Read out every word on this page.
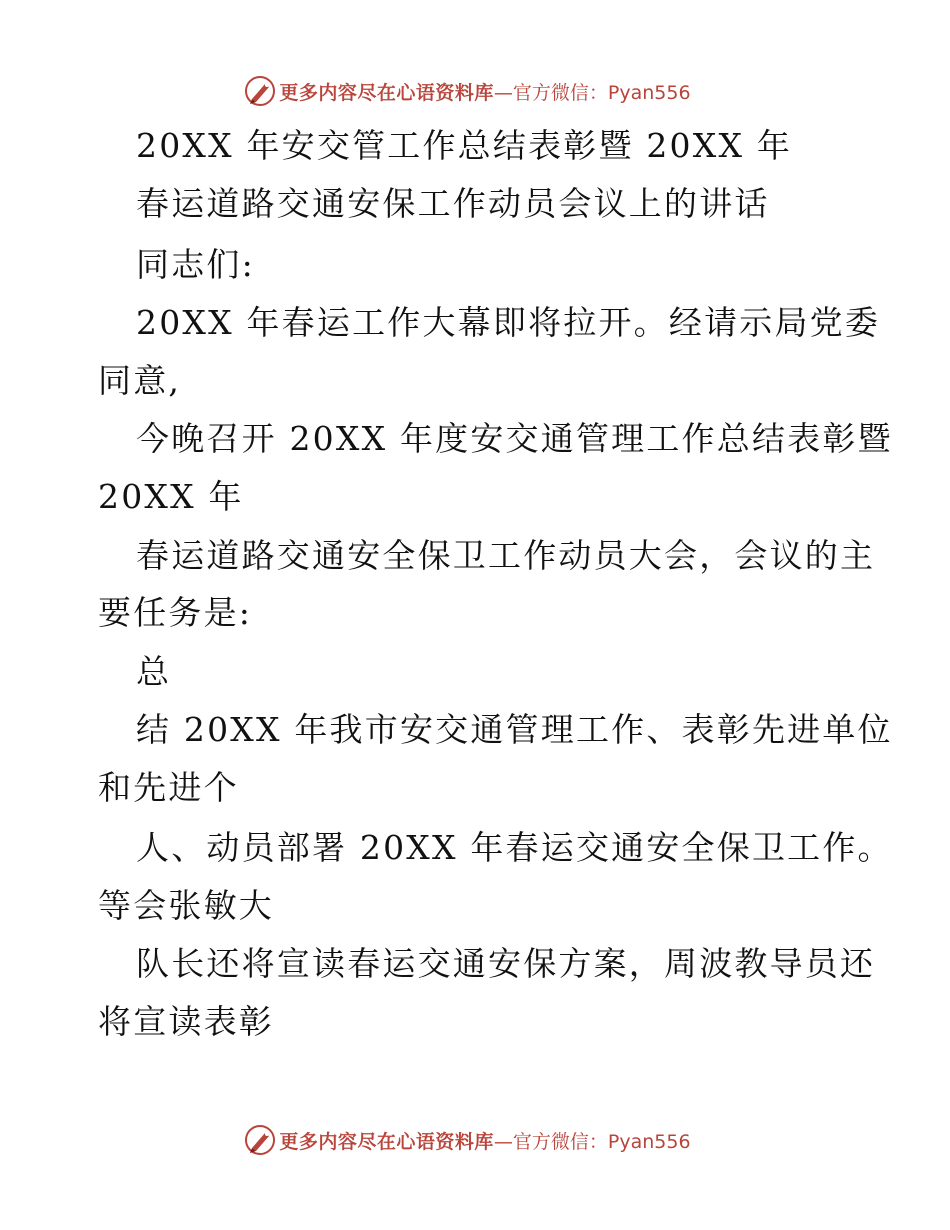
更多内容尽在心语资料库 —官方微信：Pyan556
20XX 年安交管工作总结表彰暨 20XX 年
春运道路交通安保工作动员会议上的讲话
同志们:
20XX 年春运工作大幕即将拉开。经请示局党委
同意,
今晚召开 20XX 年度安交通管理工作总结表彰暨
20XX 年
春运道路交通安全保卫工作动员大会，会议的主
要任务是:
总
结 20XX 年我市安交通管理工作、表彰先进单位
和先进个
人、动员部署 20XX 年春运交通安全保卫工作。
等会张敏大
队长还将宣读春运交通安保方案，周波教导员还
将宣读表彰
更多内容尽在心语资料库 —官方微信：Pyan556
